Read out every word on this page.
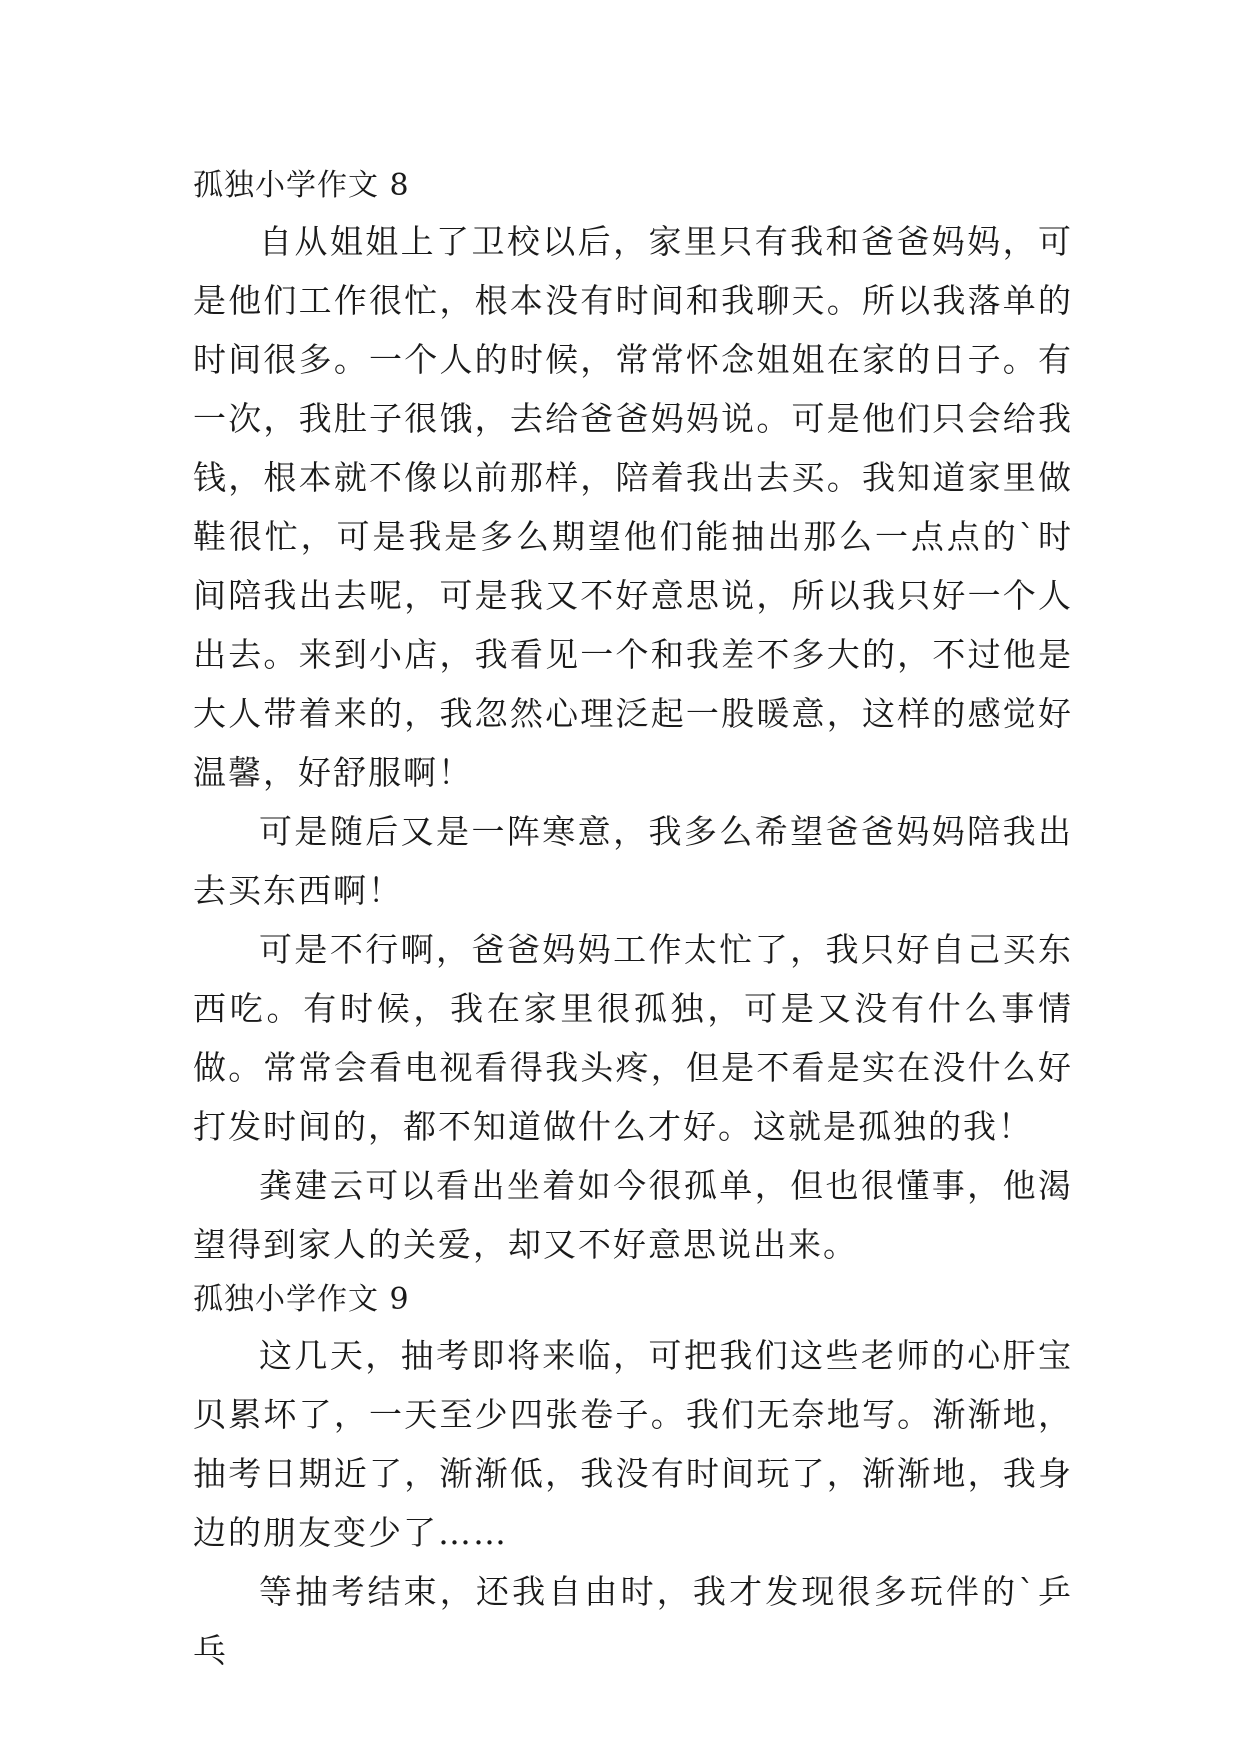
孤独小学作文 8

自从姐姐上了卫校以后，家里只有我和爸爸妈妈，可是他们工作很忙，根本没有时间和我聊天。所以我落单的时间很多。一个人的时候，常常怀念姐姐在家的日子。有一次，我肚子很饿，去给爸爸妈妈说。可是他们只会给我钱，根本就不像以前那样，陪着我出去买。我知道家里做鞋很忙，可是我是多么期望他们能抽出那么一点点的`时间陪我出去呢，可是我又不好意思说，所以我只好一个人出去。来到小店，我看见一个和我差不多大的，不过他是大人带着来的，我忽然心理泛起一股暖意，这样的感觉好温馨，好舒服啊！

可是随后又是一阵寒意，我多么希望爸爸妈妈陪我出去买东西啊！

可是不行啊，爸爸妈妈工作太忙了，我只好自己买东西吃。有时候，我在家里很孤独，可是又没有什么事情做。常常会看电视看得我头疼，但是不看是实在没什么好打发时间的，都不知道做什么才好。这就是孤独的我！

龚建云可以看出坐着如今很孤单，但也很懂事，他渴望得到家人的关爱，却又不好意思说出来。

孤独小学作文 9

这几天，抽考即将来临，可把我们这些老师的心肝宝贝累坏了，一天至少四张卷子。我们无奈地写。渐渐地，抽考日期近了，渐渐低，我没有时间玩了，渐渐地，我身边的朋友变少了……

等抽考结束，还我自由时，我才发现很多玩伴的`乒乓
